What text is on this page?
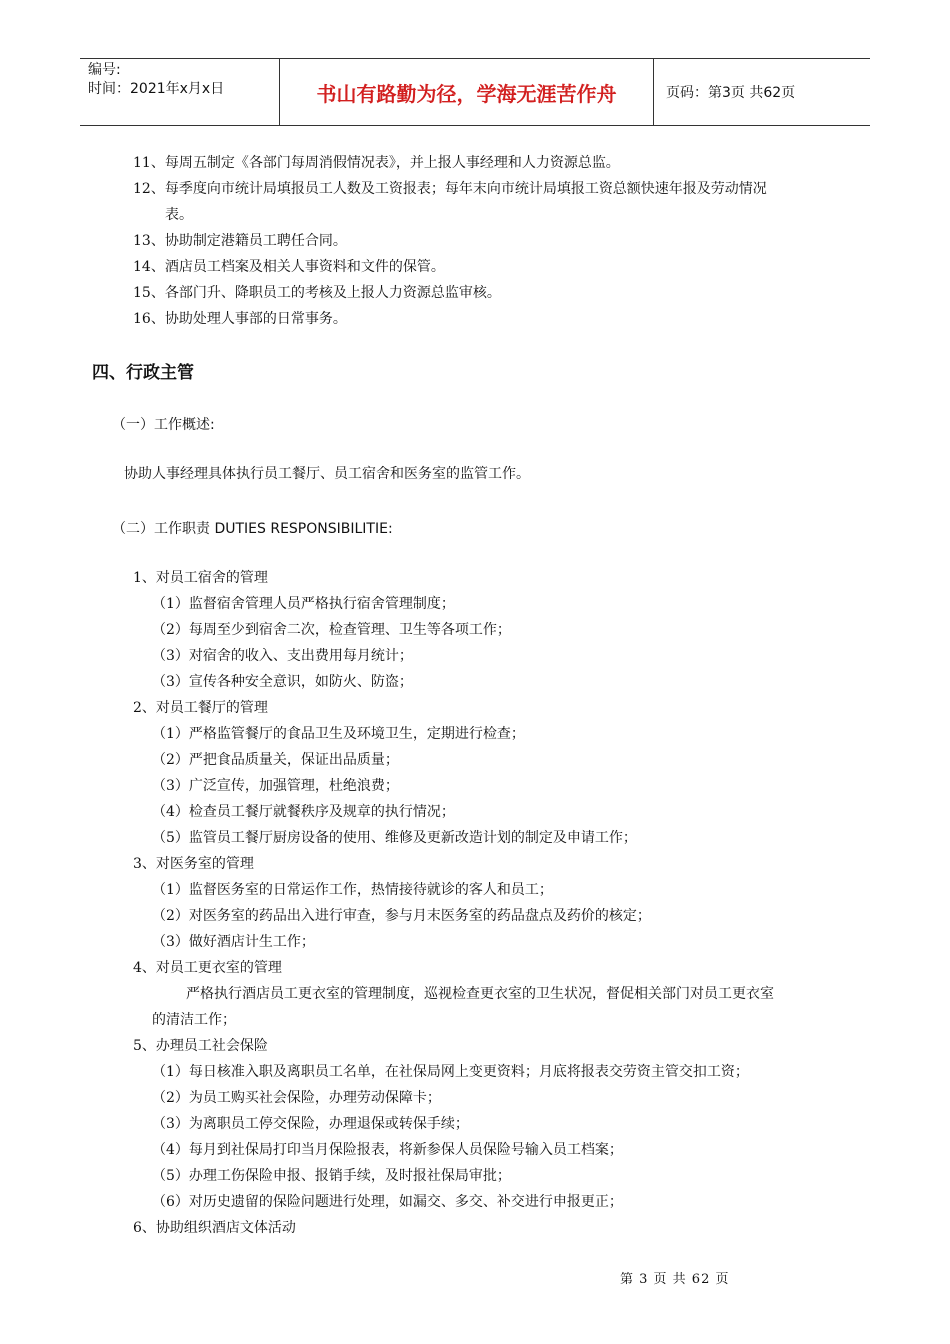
编号:
时间：2021年x月x日	书山有路勤为径，学海无涯苦作舟	页码：第3页 共62页
11、每周五制定《各部门每周消假情况表》，并上报人事经理和人力资源总监。
12、每季度向市统计局填报员工人数及工资报表；每年末向市统计局填报工资总额快速年报及劳动情况
表。
13、协助制定港籍员工聘任合同。
14、酒店员工档案及相关人事资料和文件的保管。
15、各部门升、降职员工的考核及上报人力资源总监审核。
16、协助处理人事部的日常事务。
四、行政主管
（一）工作概述:
协助人事经理具体执行员工餐厅、员工宿舍和医务室的监管工作。
（二）工作职责 DUTIES RESPONSIBILITIE:
1、对员工宿舍的管理
（1）监督宿舍管理人员严格执行宿舍管理制度；
（2）每周至少到宿舍二次，检查管理、卫生等各项工作；
（3）对宿舍的收入、支出费用每月统计；
（3）宣传各种安全意识，如防火、防盗；
2、对员工餐厅的管理
（1）严格监管餐厅的食品卫生及环境卫生，定期进行检查；
（2）严把食品质量关，保证出品质量；
（3）广泛宣传，加强管理，杜绝浪费；
（4）检查员工餐厅就餐秩序及规章的执行情况；
（5）监管员工餐厅厨房设备的使用、维修及更新改造计划的制定及申请工作；
3、对医务室的管理
（1）监督医务室的日常运作工作，热情接待就诊的客人和员工；
（2）对医务室的药品出入进行审查，参与月末医务室的药品盘点及药价的核定；
（3）做好酒店计生工作；
4、对员工更衣室的管理
严格执行酒店员工更衣室的管理制度，巡视检查更衣室的卫生状况，督促相关部门对员工更衣室
的清洁工作；
5、办理员工社会保险
（1）每日核准入职及离职员工名单，在社保局网上变更资料；月底将报表交劳资主管交扣工资；
（2）为员工购买社会保险，办理劳动保障卡；
（3）为离职员工停交保险，办理退保或转保手续；
（4）每月到社保局打印当月保险报表，将新参保人员保险号输入员工档案；
（5）办理工伤保险申报、报销手续，及时报社保局审批；
（6）对历史遗留的保险问题进行处理，如漏交、多交、补交进行申报更正；
6、协助组织酒店文体活动
第 3 页 共 62 页
